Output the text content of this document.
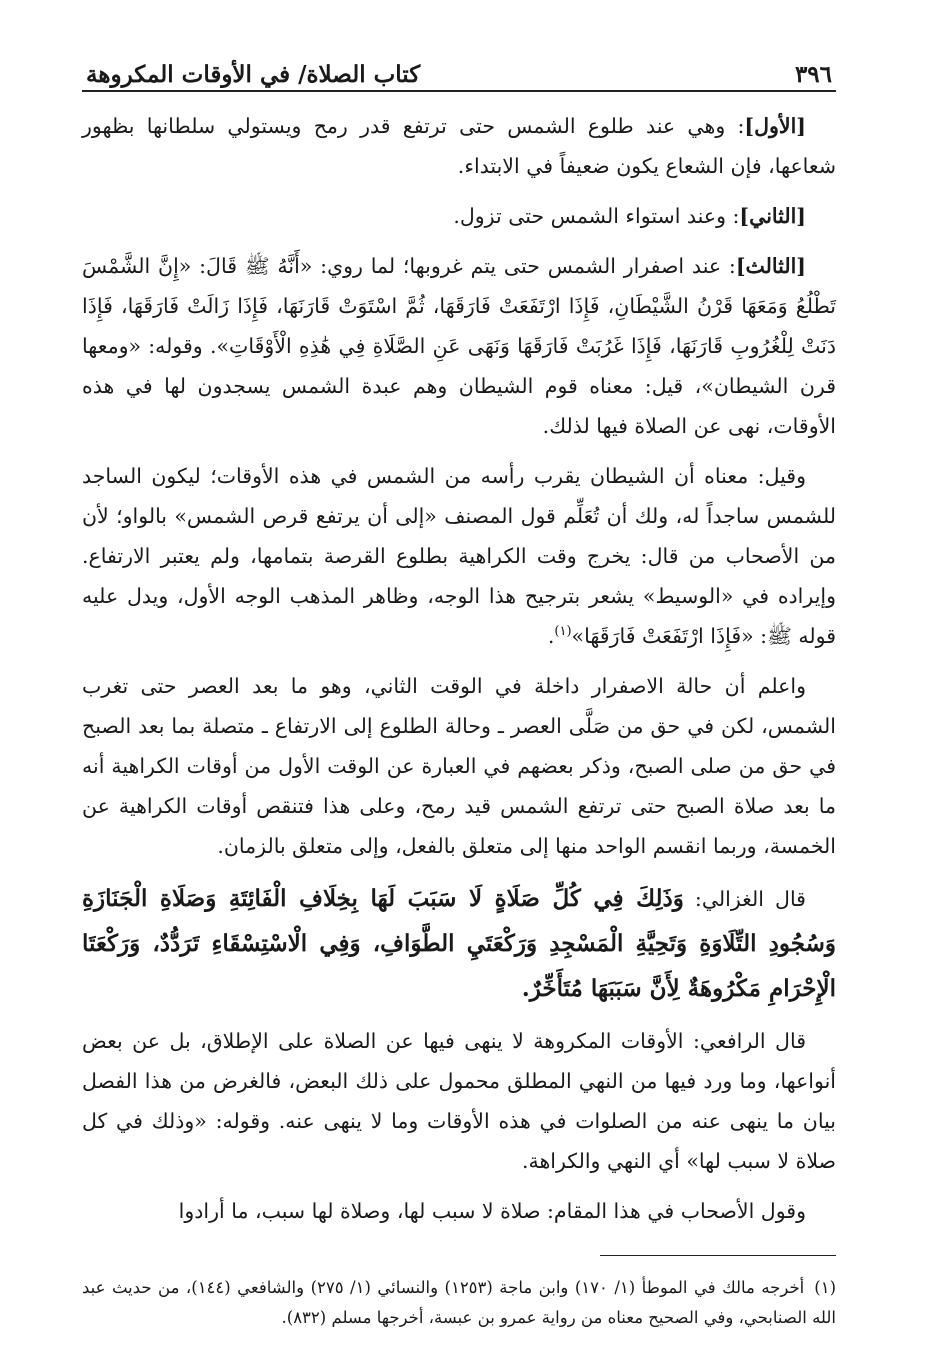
٣٩٦
كتاب الصلاة/ في الأوقات المكروهة

[الأول]: وهي عند طلوع الشمس حتى ترتفع قدر رمح ويستولي سلطانها بظهور شعاعها، فإن الشعاع يكون ضعيفاً في الابتداء.

[الثاني]: وعند استواء الشمس حتى تزول.

[الثالث]: عند اصفرار الشمس حتى يتم غروبها؛ لما روي: «أَنَّهُ ﷺ قَالَ: «إِنَّ الشَّمْسَ تَطْلُعُ وَمَعَهَا قَرْنُ الشَّيْطَانِ، فَإِذَا ارْتَفَعَتْ فَارَقَهَا، ثُمَّ اسْتَوَتْ قَارَنَهَا، فَإِذَا زَالَتْ فَارَقَهَا، فَإِذَا دَنَتْ لِلْغُرُوبِ قَارَنَهَا، فَإِذَا غَرُبَتْ فَارَقَهَا وَنَهَى عَنِ الصَّلَاةِ فِي هَٰذِهِ الْأَوْقَاتِ». وقوله: «ومعها قرن الشيطان»، قيل: معناه قوم الشيطان وهم عبدة الشمس يسجدون لها في هذه الأوقات، نهى عن الصلاة فيها لذلك.

وقيل: معناه أن الشيطان يقرب رأسه من الشمس في هذه الأوقات؛ ليكون الساجد للشمس ساجداً له، ولك أن تُعَلِّم قول المصنف «إلى أن يرتفع قرص الشمس» بالواو؛ لأن من الأصحاب من قال: يخرج وقت الكراهية بطلوع القرصة بتمامها، ولم يعتبر الارتفاع. وإيراده في «الوسيط» يشعر بترجيح هذا الوجه، وظاهر المذهب الوجه الأول، ويدل عليه قوله ﷺ: «فَإِذَا ارْتَفَعَتْ فَارَقَهَا»$^{(١)}$.

واعلم أن حالة الاصفرار داخلة في الوقت الثاني، وهو ما بعد العصر حتى تغرب الشمس، لكن في حق من صَلَّى العصر ـ وحالة الطلوع إلى الارتفاع ـ متصلة بما بعد الصبح في حق من صلى الصبح، وذكر بعضهم في العبارة عن الوقت الأول من أوقات الكراهية أنه ما بعد صلاة الصبح حتى ترتفع الشمس قيد رمح، وعلى هذا فتنقص أوقات الكراهية عن الخمسة، وربما انقسم الواحد منها إلى متعلق بالفعل، وإلى متعلق بالزمان.

قال الغزالي: وَذَلِكَ فِي كُلِّ صَلَاةٍ لَا سَبَبَ لَهَا بِخِلَافِ الْفَائِتَةِ وَصَلَاةِ الْجَنَازَةِ وَسُجُودِ التِّلَاوَةِ وَتَحِيَّةِ الْمَسْجِدِ وَرَكْعَتَيِ الطَّوَافِ، وَفِي الْاسْتِسْقَاءِ تَرَدُّدٌ، وَرَكْعَتَا الْإِحْرَامِ مَكْرُوهَةٌ لِأَنَّ سَبَبَهَا مُتَأَخِّرٌ.

قال الرافعي: الأوقات المكروهة لا ينهى فيها عن الصلاة على الإطلاق، بل عن بعض أنواعها، وما ورد فيها من النهي المطلق محمول على ذلك البعض، فالغرض من هذا الفصل بيان ما ينهى عنه من الصلوات في هذه الأوقات وما لا ينهى عنه. وقوله: «وذلك في كل صلاة لا سبب لها» أي النهي والكراهة.

وقول الأصحاب في هذا المقام: صلاة لا سبب لها، وصلاة لها سبب، ما أرادوا

(١)أخرجه مالك في الموطأ (١/ ١٧٠) وابن ماجة (١٢٥٣) والنسائي (١/ ٢٧٥) والشافعي (١٤٤)، من حديث عبد الله الصنابحي، وفي الصحيح معناه من رواية عمرو بن عبسة، أخرجها مسلم (٨٣٢).
